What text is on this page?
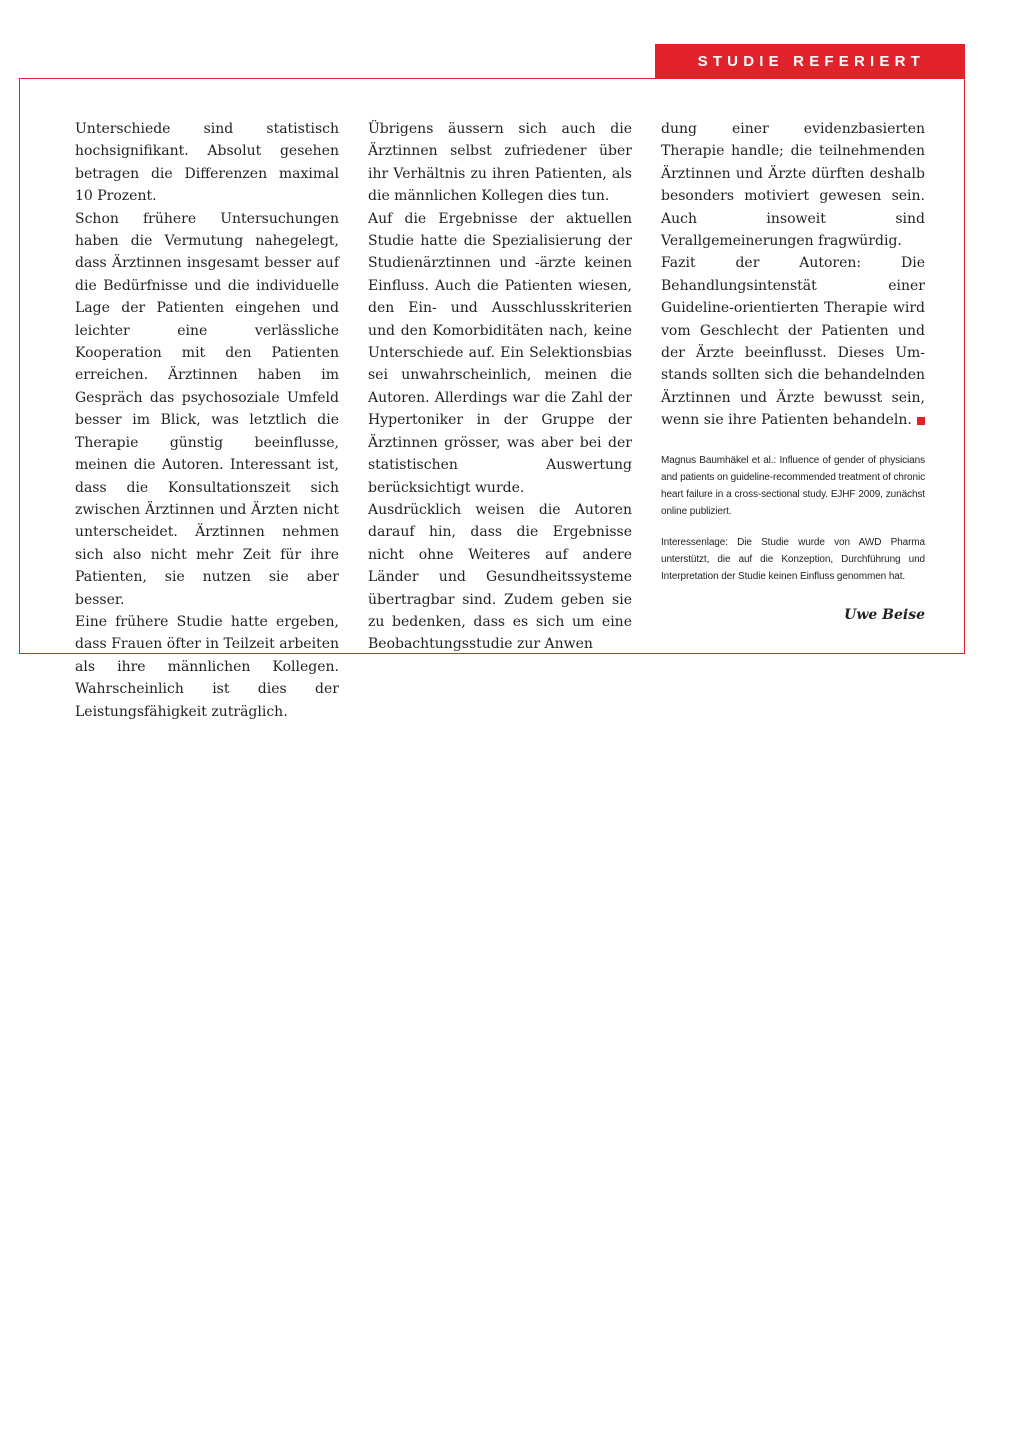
STUDIE REFERIERT

Unterschiede sind statistisch hochsignifikant. Absolut gesehen betragen die Differenzen maximal 10 Prozent.

Schon frühere Untersuchungen haben die Vermutung nahegelegt, dass Ärztinnen insgesamt besser auf die Bedürfnisse und die individuelle Lage der Patienten eingehen und leichter eine verlässliche Kooperation mit den Patienten erreichen. Ärztinnen haben im Gespräch das psychosoziale Umfeld besser im Blick, was letztlich die Therapie günstig beeinflusse, meinen die Autoren. Interessant ist, dass die Konsultationszeit sich zwischen Ärztinnen und Ärzten nicht unterscheidet. Ärztinnen nehmen sich also nicht mehr Zeit für ihre Patienten, sie nutzen sie aber besser.

Eine frühere Studie hatte ergeben, dass Frauen öfter in Teilzeit arbeiten als ihre männlichen Kollegen. Wahrscheinlich ist dies der Leistungsfähigkeit zuträglich.

Übrigens äussern sich auch die Ärztinnen selbst zufriedener über ihr Verhältnis zu ihren Patienten, als die männlichen Kollegen dies tun.

Auf die Ergebnisse der aktuellen Studie hatte die Spezialisierung der Studienärztinnen und -ärzte keinen Einfluss. Auch die Patienten wiesen, den Ein- und Ausschlusskriterien und den Komorbiditäten nach, keine Unterschiede auf. Ein Selektionsbias sei unwahrscheinlich, meinen die Autoren. Allerdings war die Zahl der Hypertoniker in der Gruppe der Ärztinnen grösser, was aber bei der statistischen Auswertung berücksichtigt wurde.

Ausdrücklich weisen die Autoren darauf hin, dass die Ergebnisse nicht ohne Weiteres auf andere Länder und Gesundheitssysteme übertragbar sind. Zudem geben sie zu bedenken, dass es sich um eine Beobachtungsstudie zur Anwen

dung einer evidenzbasierten Therapie handle; die teilnehmenden Ärztinnen und Ärzte dürften deshalb besonders motiviert gewesen sein. Auch insoweit sind Verallgemeinerungen fragwürdig.

Fazit der Autoren: Die Behandlungsintenstät einer Guideline-orientierten Therapie wird vom Geschlecht der Patienten und der Ärzte beeinflusst. Dieses Umstands sollten sich die behandelnden Ärztinnen und Ärzte bewusst sein, wenn sie ihre Patienten behandeln.

Magnus Baumhäkel et al.: Influence of gender of physicians and patients on guideline-recommended treatment of chronic heart failure in a cross-sectional study. EJHF 2009, zunächst online publiziert.

Interessenlage: Die Studie wurde von AWD Pharma unterstützt, die auf die Konzeption, Durchführung und Interpretation der Studie keinen Einfluss genommen hat.

Uwe Beise
